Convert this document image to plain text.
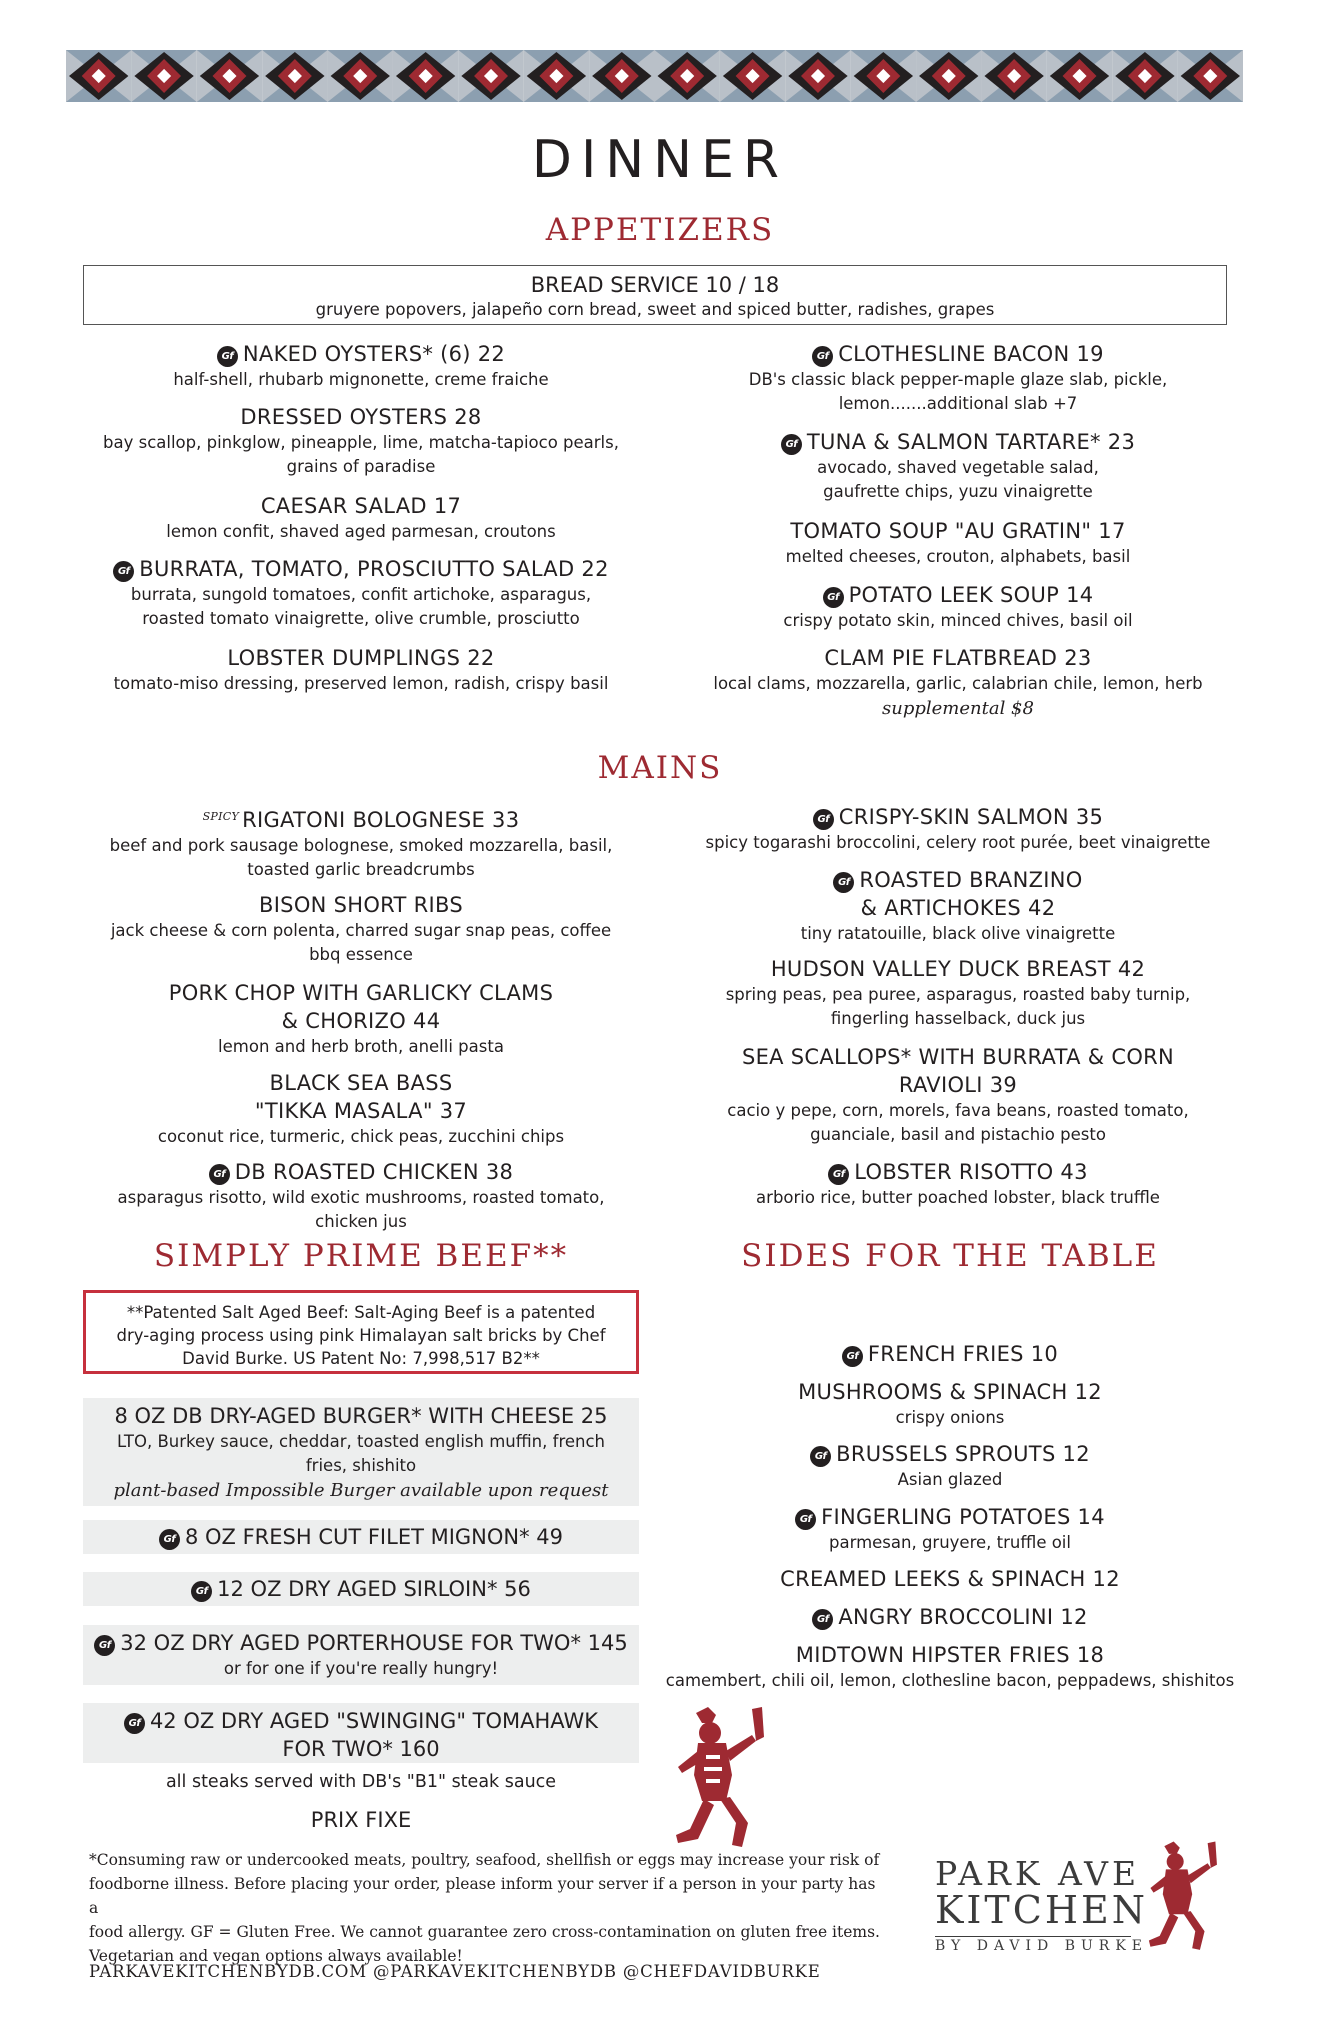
DINNER
APPETIZERS
BREAD SERVICE 10 / 18
gruyere popovers, jalapeño corn bread, sweet and spiced butter, radishes, grapes
Gf NAKED OYSTERS* (6) 22
half-shell, rhubarb mignonette, creme fraiche
DRESSED OYSTERS 28
bay scallop, pinkglow, pineapple, lime, matcha-tapioco pearls,
grains of paradise
CAESAR SALAD 17
lemon confit, shaved aged parmesan, croutons
Gf BURRATA, TOMATO, PROSCIUTTO SALAD 22
burrata, sungold tomatoes, confit artichoke, asparagus,
roasted tomato vinaigrette, olive crumble, prosciutto
LOBSTER DUMPLINGS 22
tomato-miso dressing, preserved lemon, radish, crispy basil
Gf CLOTHESLINE BACON 19
DB's classic black pepper-maple glaze slab, pickle,
lemon.......additional slab +7
Gf TUNA & SALMON TARTARE* 23
avocado, shaved vegetable salad,
gaufrette chips, yuzu vinaigrette
TOMATO SOUP "AU GRATIN" 17
melted cheeses, crouton, alphabets, basil
Gf POTATO LEEK SOUP 14
crispy potato skin, minced chives, basil oil
CLAM PIE FLATBREAD 23
local clams, mozzarella, garlic, calabrian chile, lemon, herb
supplemental $8
$^{SPICY}$ RIGATONI BOLOGNESE 33
beef and pork sausage bolognese, smoked mozzarella, basil,
toasted garlic breadcrumbs
BISON SHORT RIBS
jack cheese & corn polenta, charred sugar snap peas, coffee
bbq essence
PORK CHOP WITH GARLICKY CLAMS
& CHORIZO 44
lemon and herb broth, anelli pasta
BLACK SEA BASS
"TIKKA MASALA" 37
coconut rice, turmeric, chick peas, zucchini chips
Gf DB ROASTED CHICKEN 38
asparagus risotto, wild exotic mushrooms, roasted tomato,
chicken jus
Gf CRISPY-SKIN SALMON 35
spicy togarashi broccolini, celery root purée, beet vinaigrette
Gf ROASTED BRANZINO
& ARTICHOKES 42
tiny ratatouille, black olive vinaigrette
HUDSON VALLEY DUCK BREAST 42
spring peas, pea puree, asparagus, roasted baby turnip,
fingerling hasselback, duck jus
SEA SCALLOPS* WITH BURRATA & CORN
RAVIOLI 39
cacio y pepe, corn, morels, fava beans, roasted tomato,
guanciale, basil and pistachio pesto
Gf LOBSTER RISOTTO 43
arborio rice, butter poached lobster, black truffle
8 OZ DB DRY-AGED BURGER* WITH CHEESE 25
LTO, Burkey sauce, cheddar, toasted english muffin, french
fries, shishito
plant-based Impossible Burger available upon request
Gf 8 OZ FRESH CUT FILET MIGNON* 49
Gf 12 OZ DRY AGED SIRLOIN* 56
Gf 32 OZ DRY AGED PORTERHOUSE FOR TWO* 145
or for one if you're really hungry!
Gf 42 OZ DRY AGED "SWINGING" TOMAHAWK
FOR TWO* 160
Gf FRENCH FRIES 10
MUSHROOMS & SPINACH 12
crispy onions
Gf BRUSSELS SPROUTS 12
Asian glazed
Gf FINGERLING POTATOES 14
parmesan, gruyere, truffle oil
CREAMED LEEKS & SPINACH 12
Gf ANGRY BROCCOLINI 12
MIDTOWN HIPSTER FRIES 18
camembert, chili oil, lemon, clothesline bacon, peppadews, shishitos
MAINS
SIMPLY PRIME BEEF**	SIDES FOR THE TABLE
**Patented Salt Aged Beef: Salt-Aging Beef is a patented
dry-aging process using pink Himalayan salt bricks by Chef
David Burke. US Patent No: 7,998,517 B2**
all steaks served with DB's "B1" steak sauce
PRIX FIXE
*Consuming raw or undercooked meats, poultry, seafood, shellfish or eggs may increase your risk of
foodborne illness. Before placing your order, please inform your server if a person in your party has a
food allergy. GF = Gluten Free. We cannot guarantee zero cross-contamination on gluten free items.
Vegetarian and vegan options always available!
PARKAVEKITCHENBYDB.COM @PARKAVEKITCHENBYDB @CHEFDAVIDBURKE
PARK AVE
KITCHEN
BY DAVID BURKE
